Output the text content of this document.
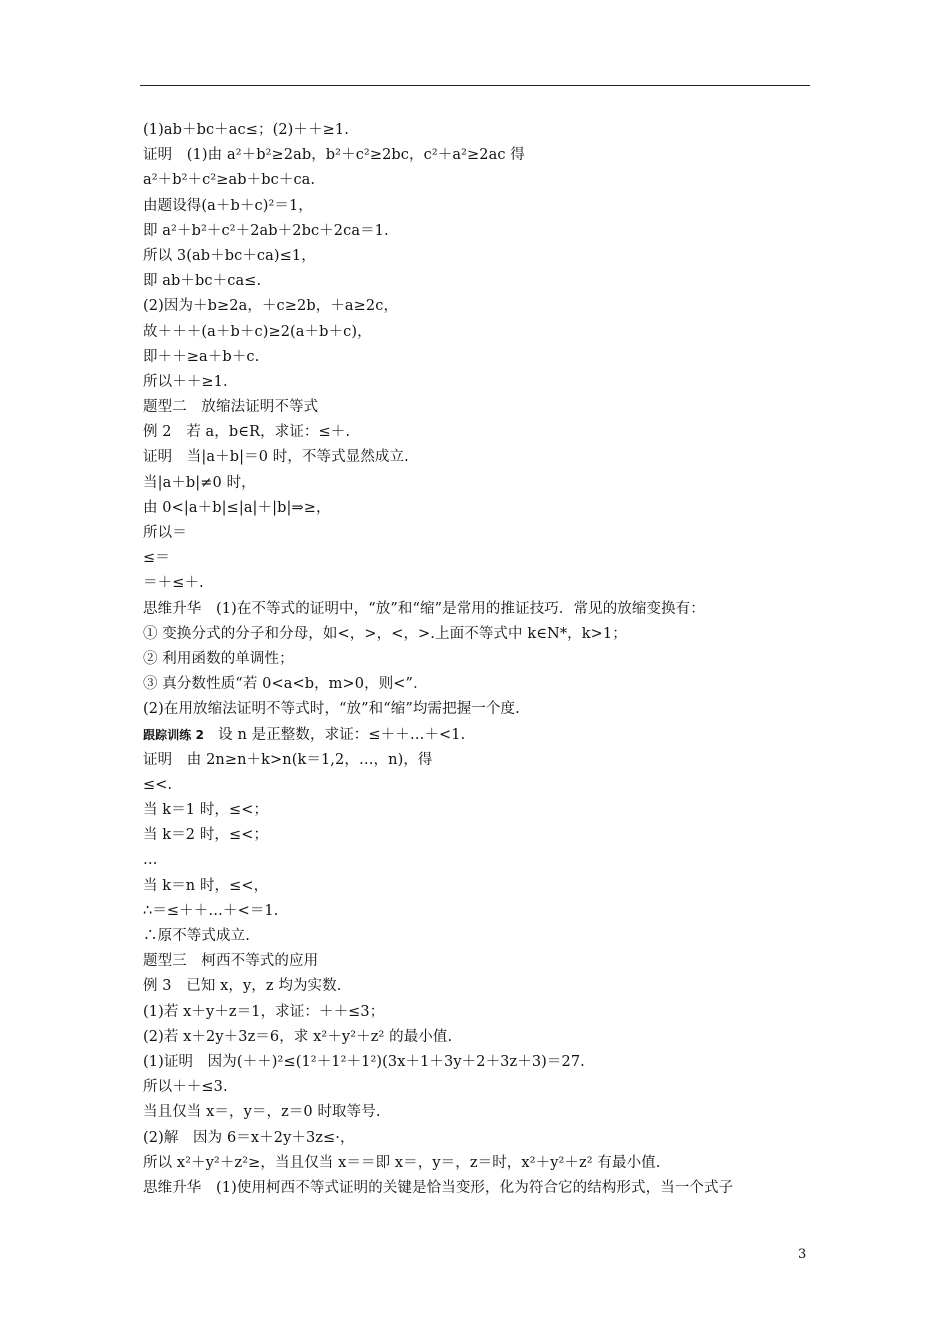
(1)ab＋bc＋ac≤；(2)＋＋≥1.
证明　(1)由 a²＋b²≥2ab，b²＋c²≥2bc，c²＋a²≥2ac 得
a²＋b²＋c²≥ab＋bc＋ca.
由题设得(a＋b＋c)²＝1，
即 a²＋b²＋c²＋2ab＋2bc＋2ca＝1.
所以 3(ab＋bc＋ca)≤1，
即 ab＋bc＋ca≤.
(2)因为＋b≥2a，＋c≥2b，＋a≥2c，
故＋＋＋(a＋b＋c)≥2(a＋b＋c)，
即＋＋≥a＋b＋c.
所以＋＋≥1.
题型二　放缩法证明不等式
例 2　若 a，b∈R，求证：≤＋.
证明　当|a＋b|＝0 时，不等式显然成立.
当|a＋b|≠0 时，
由 0<|a＋b|≤|a|＋|b|⇒≥，
所以＝
≤＝
＝＋≤＋.
思维升华　(1)在不等式的证明中，“放”和“缩”是常用的推证技巧．常见的放缩变换有：
① 变换分式的分子和分母，如<，>，<，>.上面不等式中 k∈N*，k>1；
② 利用函数的单调性；
③ 真分数性质“若 0<a<b，m>0，则<”．
(2)在用放缩法证明不等式时，“放”和“缩”均需把握一个度.
跟踪训练 2 设 n 是正整数，求证：≤＋＋…＋<1.
证明　由 2n≥n＋k>n(k＝1,2，…，n)，得
≤<.
当 k＝1 时，≤<；
当 k＝2 时，≤<；
…
当 k＝n 时，≤<，
∴＝≤＋＋…＋<＝1.
∴原不等式成立.
题型三　柯西不等式的应用
例 3　已知 x，y，z 均为实数.
(1)若 x＋y＋z＝1，求证：＋＋≤3；
(2)若 x＋2y＋3z＝6，求 x²＋y²＋z² 的最小值.
(1)证明　因为(＋＋)²≤(1²＋1²＋1²)(3x＋1＋3y＋2＋3z＋3)＝27.
所以＋＋≤3.
当且仅当 x＝，y＝，z＝0 时取等号.
(2)解　因为 6＝x＋2y＋3z≤·，
所以 x²＋y²＋z²≥，当且仅当 x＝＝即 x＝，y＝，z＝时，x²＋y²＋z² 有最小值.
思维升华　(1)使用柯西不等式证明的关键是恰当变形，化为符合它的结构形式，当一个式子
3
